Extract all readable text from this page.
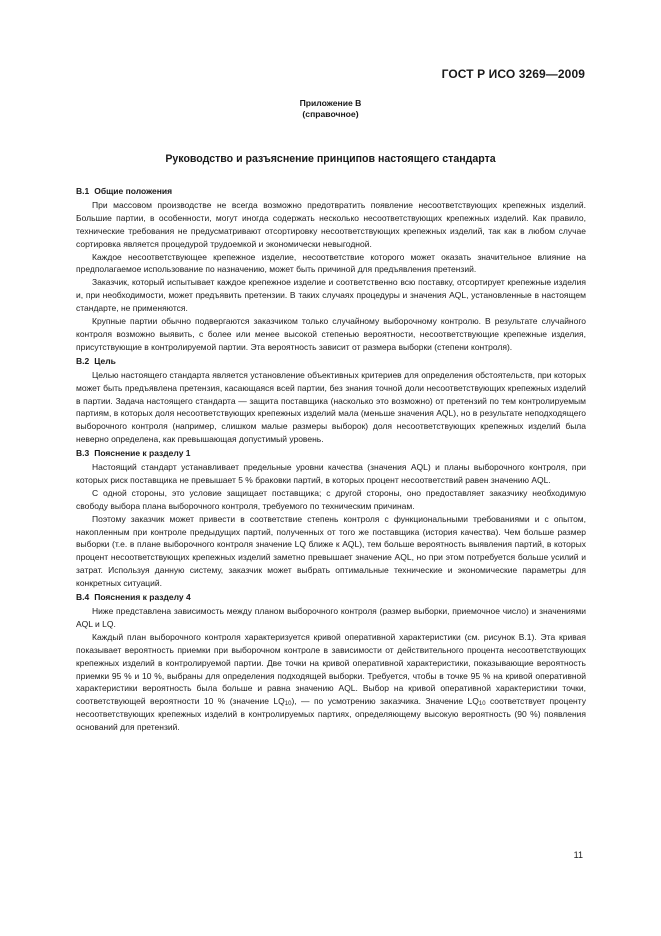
ГОСТ Р ИСО 3269—2009
Приложение В
(справочное)
Руководство и разъяснение принципов настоящего стандарта
В.1 Общие положения

При массовом производстве не всегда возможно предотвратить появление несоответствующих крепежных изделий. Большие партии, в особенности, могут иногда содержать несколько несоответствующих крепежных изделий. Как правило, технические требования не предусматривают отсортировку несоответствующих крепежных изделий, так как в любом случае сортировка является процедурой трудоемкой и экономически невыгодной.

Каждое несоответствующее крепежное изделие, несоответствие которого может оказать значительное влияние на предполагаемое использование по назначению, может быть причиной для предъявления претензий.

Заказчик, который испытывает каждое крепежное изделие и соответственно всю поставку, отсортирует крепежные изделия и, при необходимости, может предъявить претензии. В таких случаях процедуры и значения AQL, установленные в настоящем стандарте, не применяются.

Крупные партии обычно подвергаются заказчиком только случайному выборочному контролю. В результате случайного контроля возможно выявить, с более или менее высокой степенью вероятности, несоответствующие крепежные изделия, присутствующие в контролируемой партии. Эта вероятность зависит от размера выборки (степени контроля).

В.2 Цель

Целью настоящего стандарта является установление объективных критериев для определения обстоятельств, при которых может быть предъявлена претензия, касающаяся всей партии, без знания точной доли несоответствующих крепежных изделий в партии. Задача настоящего стандарта — защита поставщика (насколько это возможно) от претензий по тем контролируемым партиям, в которых доля несоответствующих крепежных изделий мала (меньше значения AQL), но в результате неподходящего выборочного контроля (например, слишком малые размеры выборок) доля несоответствующих крепежных изделий была неверно определена, как превышающая допустимый уровень.

В.3 Пояснение к разделу 1

Настоящий стандарт устанавливает предельные уровни качества (значения AQL) и планы выборочного контроля, при которых риск поставщика не превышает 5 % браковки партий, в которых процент несоответствий равен значению AQL.

С одной стороны, это условие защищает поставщика; с другой стороны, оно предоставляет заказчику необходимую свободу выбора плана выборочного контроля, требуемого по техническим причинам.

Поэтому заказчик может привести в соответствие степень контроля с функциональными требованиями и с опытом, накопленным при контроле предыдущих партий, полученных от того же поставщика (история качества). Чем больше размер выборки (т.е. в плане выборочного контроля значение LQ ближе к AQL), тем больше вероятность выявления партий, в которых процент несоответствующих крепежных изделий заметно превышает значение AQL, но при этом потребуется больше усилий и затрат. Используя данную систему, заказчик может выбрать оптимальные технические и экономические параметры для конкретных ситуаций.

В.4 Пояснения к разделу 4

Ниже представлена зависимость между планом выборочного контроля (размер выборки, приемочное число) и значениями AQL и LQ.

Каждый план выборочного контроля характеризуется кривой оперативной характеристики (см. рисунок В.1). Эта кривая показывает вероятность приемки при выборочном контроле в зависимости от действительного процента несоответствующих крепежных изделий в контролируемой партии. Две точки на кривой оперативной характеристики, показывающие вероятность приемки 95 % и 10 %, выбраны для определения подходящей выборки. Требуется, чтобы в точке 95 % на кривой оперативной характеристики вероятность была больше и равна значению AQL. Выбор на кривой оперативной характеристики точки, соответствующей вероятности 10 % (значение $LQ_{10}$), — по усмотрению заказчика. Значение $LQ_{10}$ соответствует проценту несоответствующих крепежных изделий в контролируемых партиях, определяющему высокую вероятность (90 %) появления оснований для претензий.

11
